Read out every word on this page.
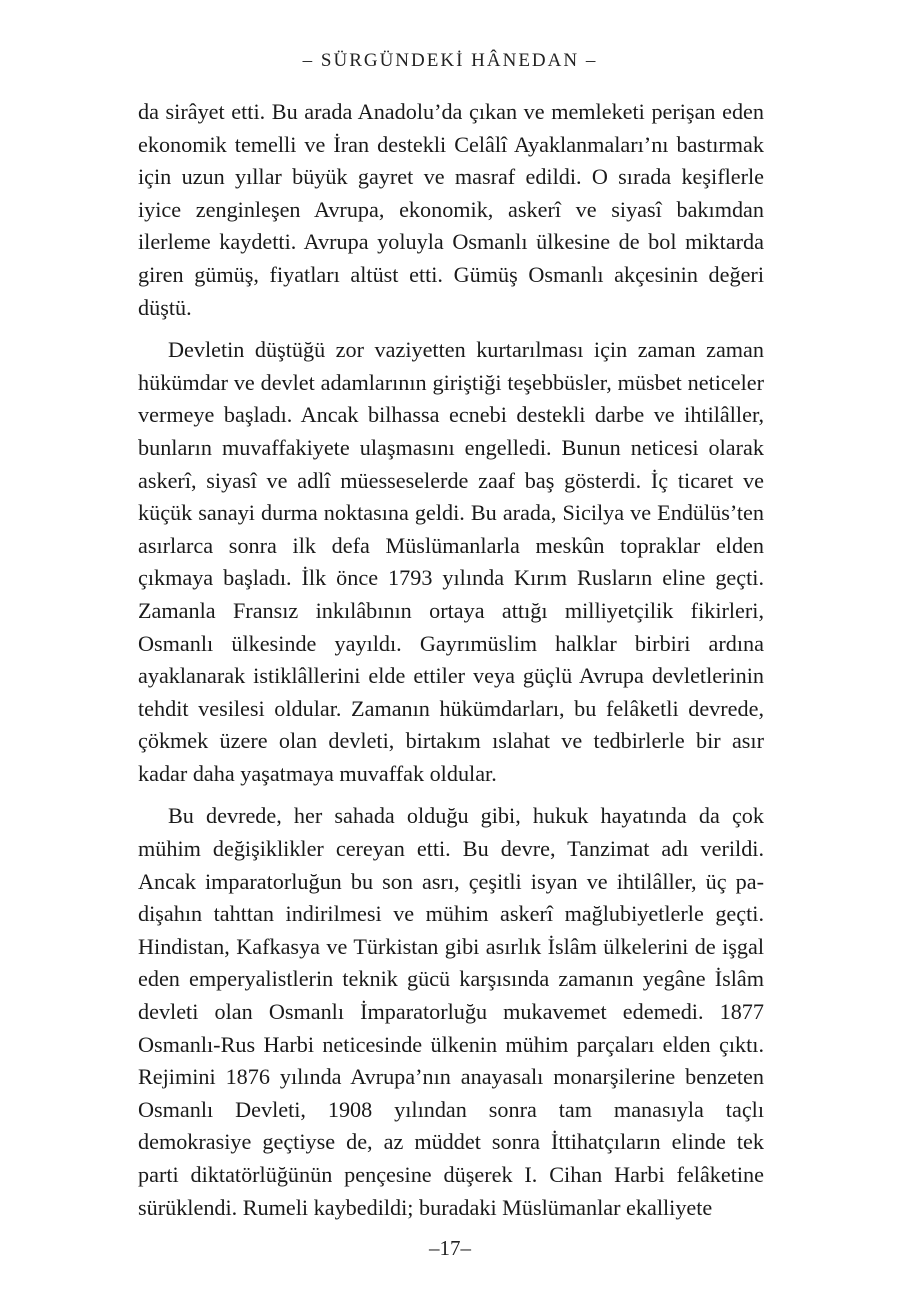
– SÜRGÜNDEKİ HÂNEDAN –

da sirâyet etti. Bu arada Anadolu’da çıkan ve memleketi perişan eden ekonomik temelli ve İran destekli Celâlî Ayaklanmaları’nı bastırmak için uzun yıllar büyük gayret ve masraf edildi. O sırada keşiflerle iyice zenginleşen Avrupa, ekonomik, askerî ve siyasî bakımdan ilerleme kaydetti. Avrupa yoluyla Osmanlı ülkesine de bol miktarda giren gümüş, fiyatları altüst etti. Gümüş Osmanlı akçesinin değeri düştü.

Devletin düştüğü zor vaziyetten kurtarılması için zaman zaman hükümdar ve devlet adamlarının giriştiği teşebbüsler, müsbet neticeler vermeye başladı. Ancak bilhassa ecnebi destekli darbe ve ihtilâller, bunların muvaffakiyete ulaşmasını engelledi. Bunun neticesi olarak askerî, siyasî ve adlî müesseselerde zaaf baş gösterdi. İç ticaret ve küçük sanayi durma noktasına geldi. Bu arada, Sicilya ve Endülüs’ten asırlarca sonra ilk defa Müslümanlarla meskûn topraklar elden çıkmaya başladı. İlk önce 1793 yılında Kırım Rusların eline geçti. Zamanla Fransız inkılâbının ortaya attığı milliyetçilik fikirleri, Osmanlı ülkesinde yayıldı. Gayrımüslim halklar birbiri ardına ayaklanarak istiklâllerini elde ettiler veya güçlü Avrupa devletlerinin tehdit vesilesi oldular. Zamanın hükümdarları, bu felâketli devrede, çökmek üzere olan devleti, birtakım ıslahat ve tedbirlerle bir asır kadar daha yaşatmaya muvaffak oldular.

Bu devrede, her sahada olduğu gibi, hukuk hayatında da çok mühim değişiklikler cereyan etti. Bu devre, Tanzimat adı verildi. Ancak imparatorluğun bu son asrı, çeşitli isyan ve ihtilâller, üç padişahın tahttan indirilmesi ve mühim askerî mağlubiyetlerle geçti. Hindistan, Kafkasya ve Türkistan gibi asırlık İslâm ülkelerini de işgal eden emperyalistlerin teknik gücü karşısında zamanın yegâne İslâm devleti olan Osmanlı İmparatorluğu mukavemet edemedi. 1877 Osmanlı-Rus Harbi neticesinde ülkenin mühim parçaları elden çıktı. Rejimini 1876 yılında Avrupa’nın anayasalı monarşilerine benzeten Osmanlı Devleti, 1908 yılından sonra tam manasıyla taçlı demokrasiye geçtiyse de, az müddet sonra İttihatçıların elinde tek parti diktatörlüğünün pençesine düşerek I. Cihan Harbi felâketine sürüklendi. Rumeli kaybedildi; buradaki Müslümanlar ekalliyete

–17–
